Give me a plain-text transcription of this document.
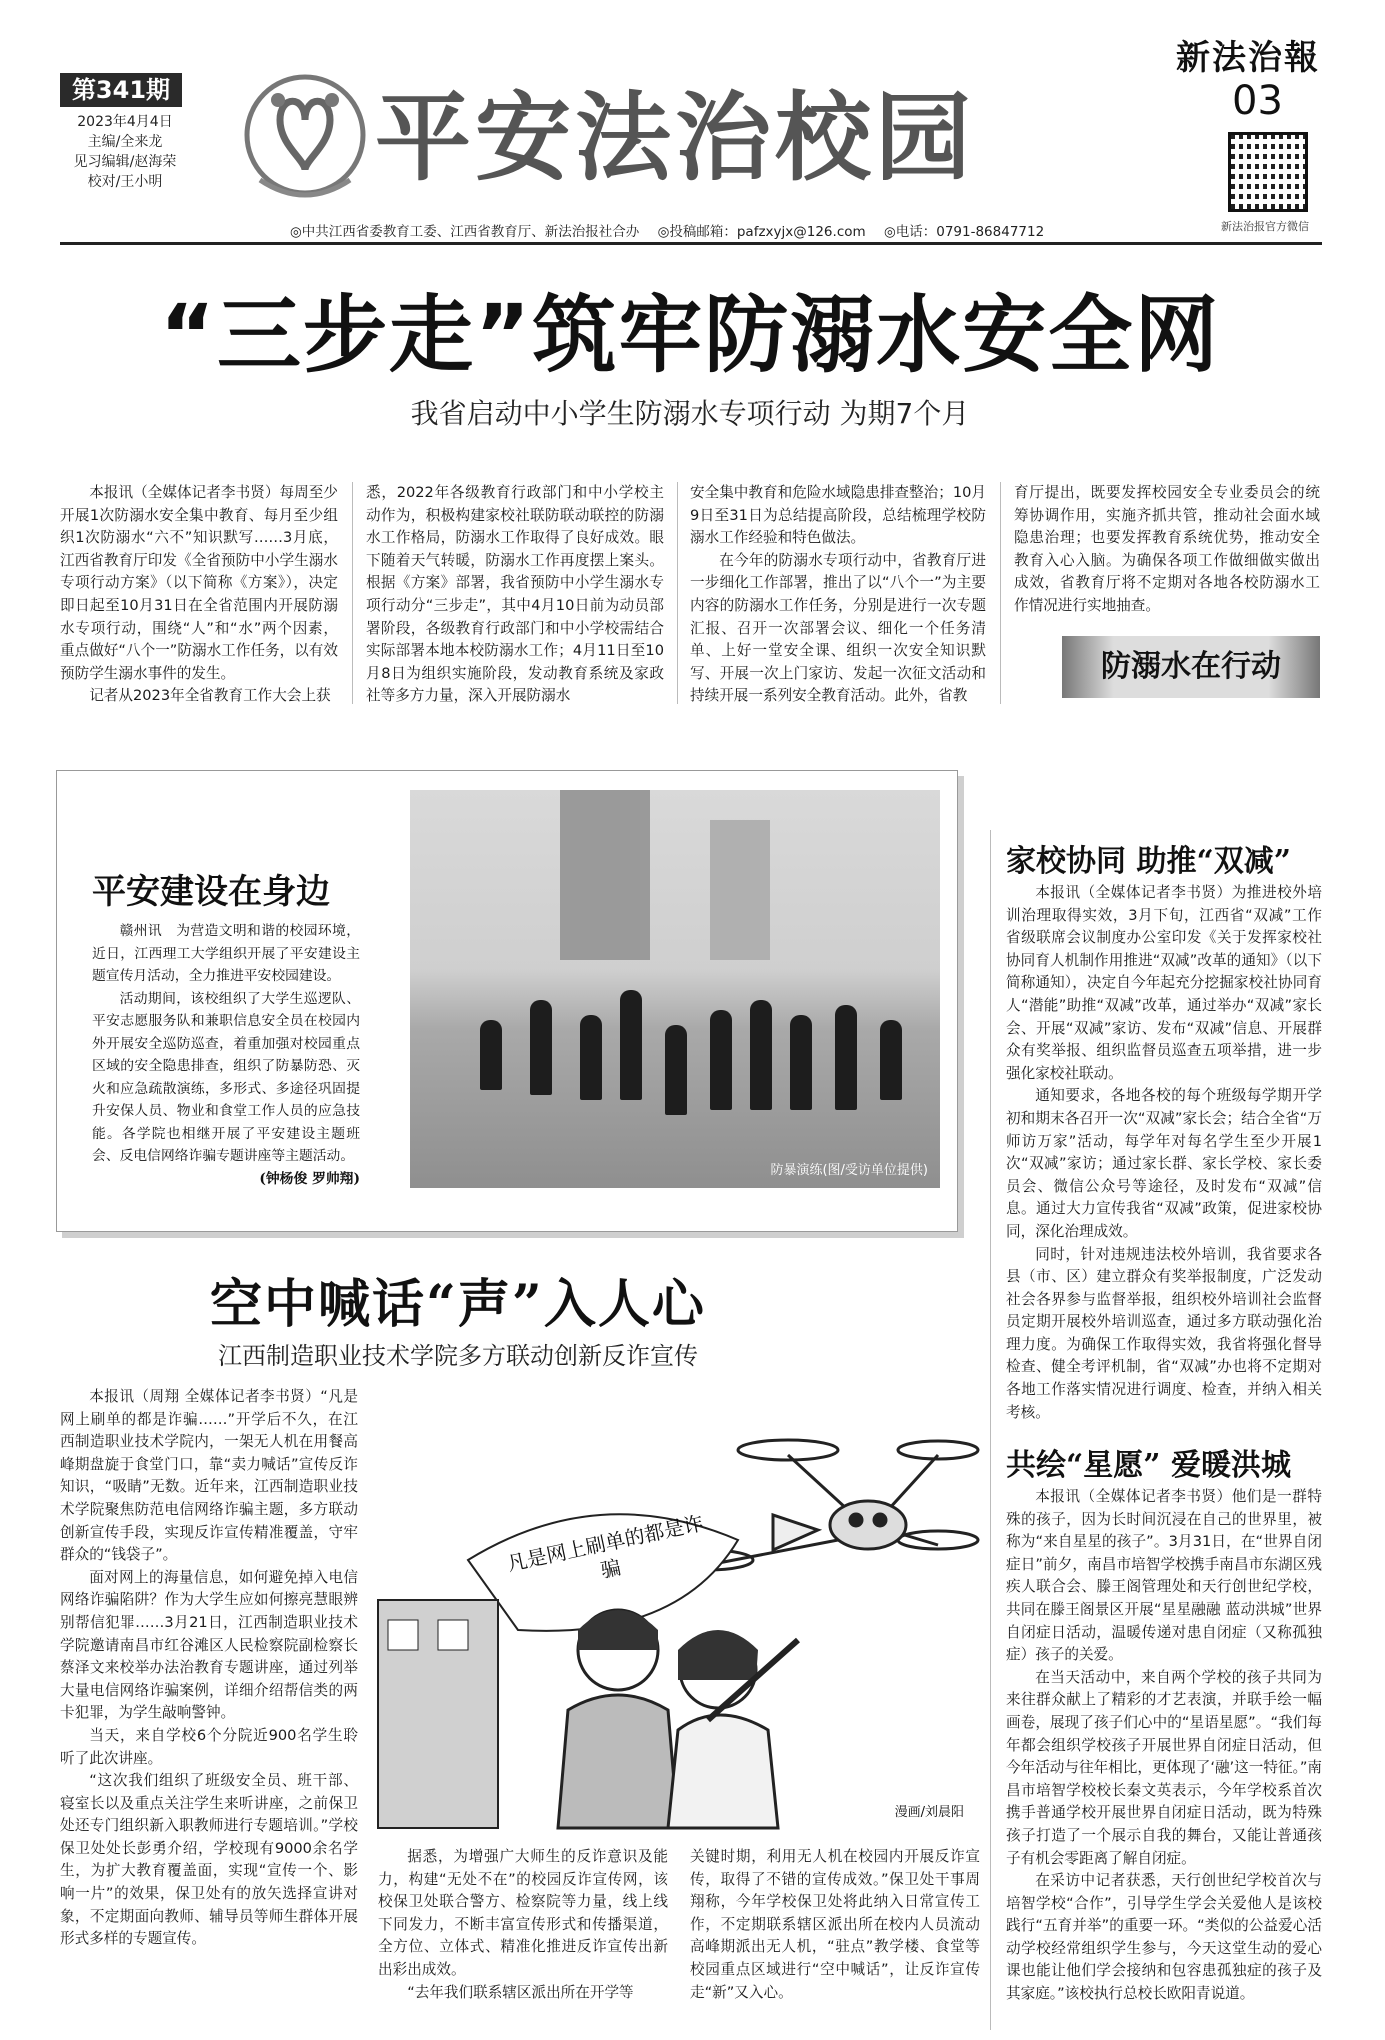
第341期
2023年4月4日
主编/全来龙
见习编辑/赵海荣
校对/王小明 平安法治校园
新法治報
03
新法治报官方微信
◎中共江西省委教育工委、江西省教育厅、新法治报社合办 ◎投稿邮箱：pafzxyjx@126.com ◎电话：0791-86847712
“三步走”筑牢防溺水安全网
我省启动中小学生防溺水专项行动 为期7个月

本报讯（全媒体记者李书贤）每周至少开展1次防溺水安全集中教育、每月至少组织1次防溺水“六不”知识默写……3月底，江西省教育厅印发《全省预防中小学生溺水专项行动方案》（以下简称《方案》），决定即日起至10月31日在全省范围内开展防溺水专项行动，围绕“人”和“水”两个因素，重点做好“八个一”防溺水工作任务，以有效预防学生溺水事件的发生。

记者从2023年全省教育工作大会上获

悉，2022年各级教育行政部门和中小学校主动作为，积极构建家校社联防联动联控的防溺水工作格局，防溺水工作取得了良好成效。眼下随着天气转暖，防溺水工作再度摆上案头。根据《方案》部署，我省预防中小学生溺水专项行动分“三步走”，其中4月10日前为动员部署阶段，各级教育行政部门和中小学校需结合实际部署本地本校防溺水工作；4月11日至10月8日为组织实施阶段，发动教育系统及家政社等多方力量，深入开展防溺水

安全集中教育和危险水域隐患排查整治；10月9日至31日为总结提高阶段，总结梳理学校防溺水工作经验和特色做法。

在今年的防溺水专项行动中，省教育厅进一步细化工作部署，推出了以“八个一”为主要内容的防溺水工作任务，分别是进行一次专题汇报、召开一次部署会议、细化一个任务清单、上好一堂安全课、组织一次安全知识默写、开展一次上门家访、发起一次征文活动和持续开展一系列安全教育活动。此外，省教

育厅提出，既要发挥校园安全专业委员会的统筹协调作用，实施齐抓共管，推动社会面水域隐患治理；也要发挥教育系统优势，推动安全教育入心入脑。为确保各项工作做细做实做出成效，省教育厅将不定期对各地各校防溺水工作情况进行实地抽查。

防溺水在行动
平安建设在身边

赣州讯　为营造文明和谐的校园环境，近日，江西理工大学组织开展了平安建设主题宣传月活动，全力推进平安校园建设。

活动期间，该校组织了大学生巡逻队、平安志愿服务队和兼职信息安全员在校园内外开展安全巡防巡查，着重加强对校园重点区域的安全隐患排查，组织了防暴防恐、灭火和应急疏散演练，多形式、多途径巩固提升安保人员、物业和食堂工作人员的应急技能。各学院也相继开展了平安建设主题班会、反电信网络诈骗专题讲座等主题活动。

(钟杨俊 罗帅翔)	防暴演练(图/受访单位提供)
家校协同 助推“双减”

本报讯（全媒体记者李书贤）为推进校外培训治理取得实效，3月下旬，江西省“双减”工作省级联席会议制度办公室印发《关于发挥家校社协同育人机制作用推进“双减”改革的通知》（以下简称通知），决定自今年起充分挖掘家校社协同育人“潜能”助推“双减”改革，通过举办“双减”家长会、开展“双减”家访、发布“双减”信息、开展群众有奖举报、组织监督员巡查五项举措，进一步强化家校社联动。

通知要求，各地各校的每个班级每学期开学初和期末各召开一次“双减”家长会；结合全省“万师访万家”活动，每学年对每名学生至少开展1次“双减”家访；通过家长群、家长学校、家长委员会、微信公众号等途径，及时发布“双减”信息。通过大力宣传我省“双减”政策，促进家校协同，深化治理成效。

同时，针对违规违法校外培训，我省要求各县（市、区）建立群众有奖举报制度，广泛发动社会各界参与监督举报，组织校外培训社会监督员定期开展校外培训巡查，通过多方联动强化治理力度。为确保工作取得实效，我省将强化督导检查、健全考评机制，省“双减”办也将不定期对各地工作落实情况进行调度、检查，并纳入相关考核。

共绘“星愿” 爱暖洪城

本报讯（全媒体记者李书贤）他们是一群特殊的孩子，因为长时间沉浸在自己的世界里，被称为“来自星星的孩子”。3月31日，在“世界自闭症日”前夕，南昌市培智学校携手南昌市东湖区残疾人联合会、滕王阁管理处和天行创世纪学校，共同在滕王阁景区开展“星星融融 蓝动洪城”世界自闭症日活动，温暖传递对患自闭症（又称孤独症）孩子的关爱。

在当天活动中，来自两个学校的孩子共同为来往群众献上了精彩的才艺表演，并联手绘一幅画卷，展现了孩子们心中的“星语星愿”。“我们每年都会组织学校孩子开展世界自闭症日活动，但今年活动与往年相比，更体现了‘融’这一特征。”南昌市培智学校校长秦文英表示，今年学校系首次携手普通学校开展世界自闭症日活动，既为特殊孩子打造了一个展示自我的舞台，又能让普通孩子有机会零距离了解自闭症。

在采访中记者获悉，天行创世纪学校首次与培智学校“合作”，引导学生学会关爱他人是该校践行“五育并举”的重要一环。“类似的公益爱心活动学校经常组织学生参与，今天这堂生动的爱心课也能让他们学会接纳和包容患孤独症的孩子及其家庭。”该校执行总校长欧阳青说道。

空中喊话“声”入人心
江西制造职业技术学院多方联动创新反诈宣传

本报讯（周翔 全媒体记者李书贤）“凡是网上刷单的都是诈骗……”开学后不久，在江西制造职业技术学院内，一架无人机在用餐高峰期盘旋于食堂门口，靠“卖力喊话”宣传反诈知识，“吸睛”无数。近年来，江西制造职业技术学院聚焦防范电信网络诈骗主题，多方联动创新宣传手段，实现反诈宣传精准覆盖，守牢群众的“钱袋子”。

面对网上的海量信息，如何避免掉入电信网络诈骗陷阱？作为大学生应如何擦亮慧眼辨别帮信犯罪……3月21日，江西制造职业技术学院邀请南昌市红谷滩区人民检察院副检察长蔡泽文来校举办法治教育专题讲座，通过列举大量电信网络诈骗案例，详细介绍帮信类的两卡犯罪，为学生敲响警钟。

当天，来自学校6个分院近900名学生聆听了此次讲座。

“这次我们组织了班级安全员、班干部、寝室长以及重点关注学生来听讲座，之前保卫处还专门组织新入职教师进行专题培训。”学校保卫处处长彭勇介绍，学校现有9000余名学生，为扩大教育覆盖面，实现“宣传一个、影响一片”的效果，保卫处有的放矢选择宣讲对象，不定期面向教师、辅导员等师生群体开展形式多样的专题宣传。

凡是网上刷单的都是诈骗
漫画/刘晨阳

据悉，为增强广大师生的反诈意识及能力，构建“无处不在”的校园反诈宣传网，该校保卫处联合警方、检察院等力量，线上线下同发力，不断丰富宣传形式和传播渠道，全方位、立体式、精准化推进反诈宣传出新出彩出成效。

“去年我们联系辖区派出所在开学等

关键时期，利用无人机在校园内开展反诈宣传，取得了不错的宣传成效。”保卫处干事周翔称，今年学校保卫处将此纳入日常宣传工作，不定期联系辖区派出所在校内人员流动高峰期派出无人机，“驻点”教学楼、食堂等校园重点区域进行“空中喊话”，让反诈宣传走“新”又入心。
